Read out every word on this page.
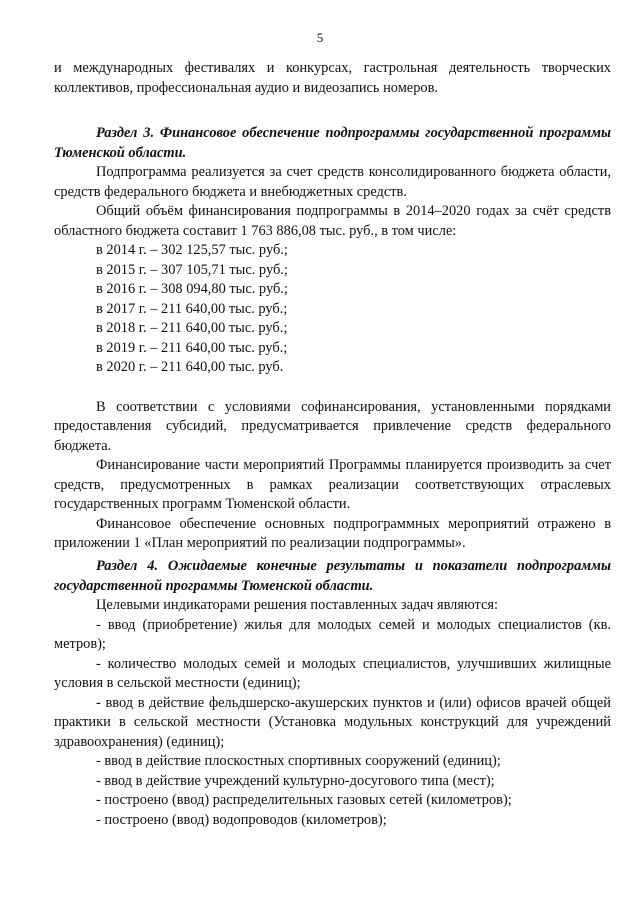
5

и международных фестивалях и конкурсах, гастрольная деятельность творческих коллективов, профессиональная аудио и видеозапись номеров.

Раздел 3. Финансовое обеспечение подпрограммы государственной программы Тюменской области.

Подпрограмма реализуется за счет средств консолидированного бюджета области, средств федерального бюджета и внебюджетных средств.

Общий объём финансирования подпрограммы в 2014–2020 годах за счёт средств областного бюджета составит 1 763 886,08 тыс. руб., в том числе:

в 2014 г. – 302 125,57 тыс. руб.;

в 2015 г. – 307 105,71 тыс. руб.;

в 2016 г. – 308 094,80 тыс. руб.;

в 2017 г. – 211 640,00 тыс. руб.;

в 2018 г. – 211 640,00 тыс. руб.;

в 2019 г. – 211 640,00 тыс. руб.;

в 2020 г. – 211 640,00 тыс. руб.

В соответствии с условиями софинансирования, установленными порядками предоставления субсидий, предусматривается привлечение средств федерального бюджета.

Финансирование части мероприятий Программы планируется производить за счет средств, предусмотренных в рамках реализации соответствующих отраслевых государственных программ Тюменской области.

Финансовое обеспечение основных подпрограммных мероприятий отражено в приложении 1 «План мероприятий по реализации подпрограммы».

Раздел 4. Ожидаемые конечные результаты и показатели подпрограммы государственной программы Тюменской области.

Целевыми индикаторами решения поставленных задач являются:

- ввод (приобретение) жилья для молодых семей и молодых специалистов (кв. метров);

- количество молодых семей и молодых специалистов, улучшивших жилищные условия в сельской местности (единиц);

- ввод в действие фельдшерско-акушерских пунктов и (или) офисов врачей общей практики в сельской местности (Установка модульных конструкций для учреждений здравоохранения) (единиц);

- ввод в действие плоскостных спортивных сооружений (единиц);

- ввод в действие учреждений культурно-досугового типа (мест);

- построено (ввод) распределительных газовых сетей (километров);

- построено (ввод) водопроводов (километров);
